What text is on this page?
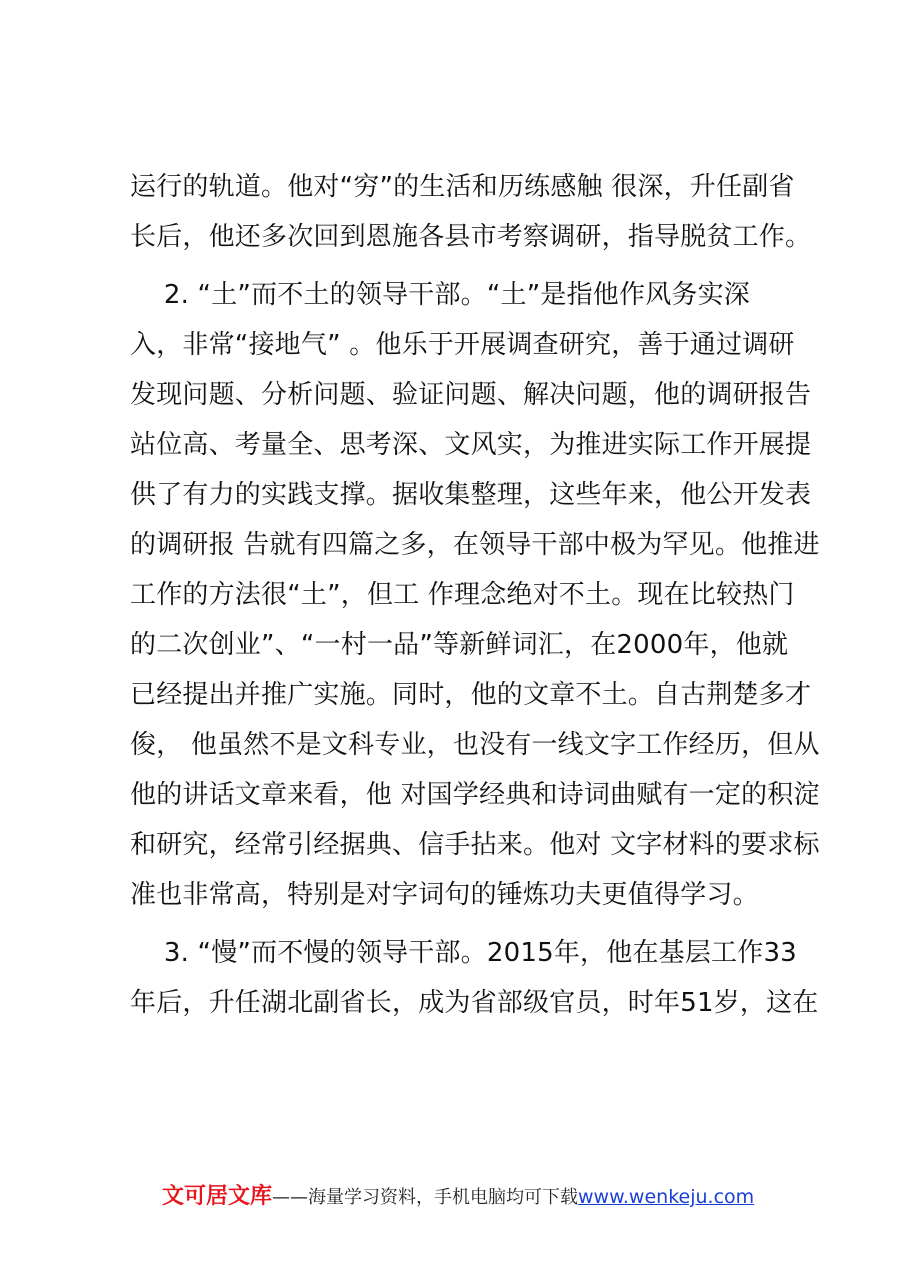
运行的轨道。他对“穷”的生活和历练感触 很深，升任副省
长后，他还多次回到恩施各县市考察调研，指导脱贫工作。
2. “土”而不土的领导干部。“土”是指他作风务实深
入，非常“接地气” 。他乐于开展调查研究，善于通过调研
发现问题、分析问题、验证问题、解决问题，他的调研报告
站位高、考量全、思考深、文风实，为推进实际工作开展提
供了有力的实践支撑。据收集整理，这些年来，他公开发表
的调研报 告就有四篇之多，在领导干部中极为罕见。他推进
工作的方法很“土”，但工 作理念绝对不土。现在比较热门
的二次创业”、“一村一品”等新鲜词汇，在2000年，他就
已经提出并推广实施。同时，他的文章不土。自古荆楚多才
俊， 他虽然不是文科专业，也没有一线文字工作经历，但从
他的讲话文章来看，他 对国学经典和诗词曲赋有一定的积淀
和研究，经常引经据典、信手拈来。他对 文字材料的要求标
准也非常高，特别是对字词句的锤炼功夫更值得学习。
3. “慢”而不慢的领导干部。2015年，他在基层工作33
年后，升任湖北副省长，成为省部级官员，时年51岁，这在
文可居文库——海量学习资料，手机电脑均可下载www.wenkeju.com
